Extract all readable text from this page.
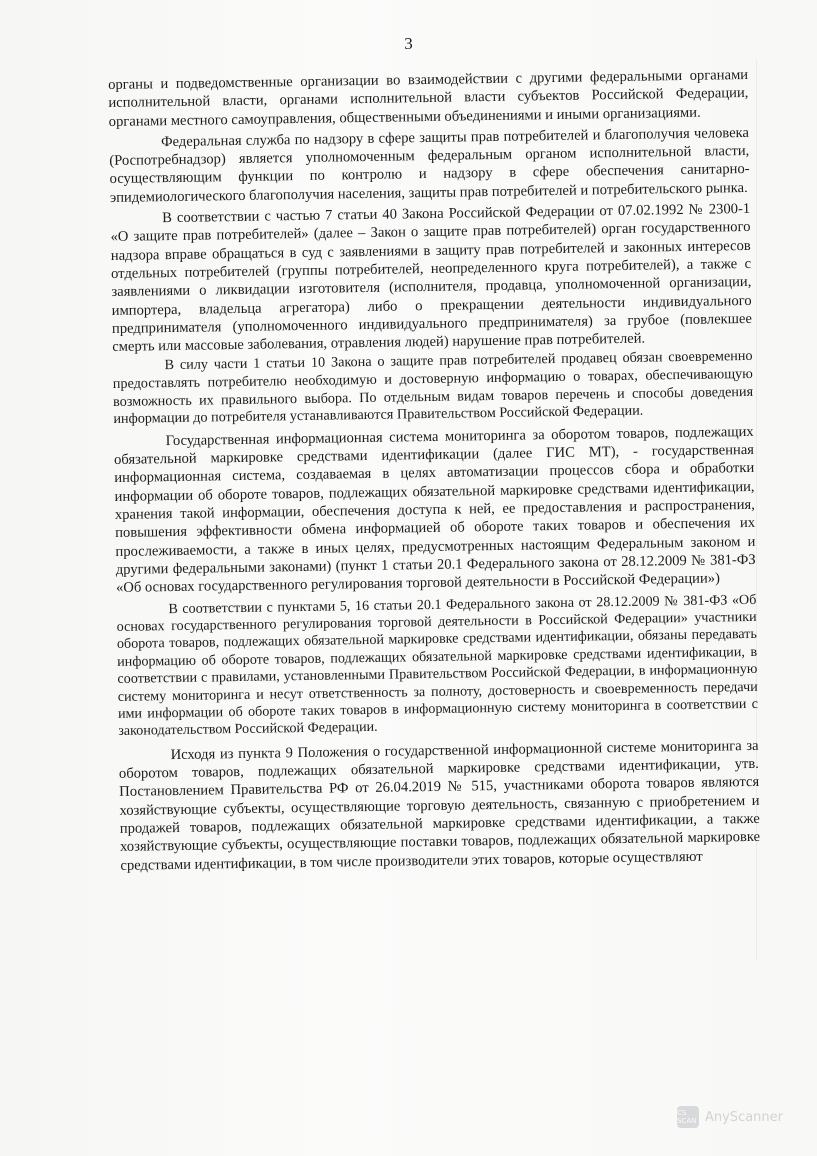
3

органы и подведомственные организации во взаимодействии с другими федеральными органами исполнительной власти, органами исполнительной власти субъектов Российской Федерации, органами местного самоуправления, общественными объединениями и иными организациями.

Федеральная служба по надзору в сфере защиты прав потребителей и благополучия человека (Роспотребнадзор) является уполномоченным федеральным органом исполнительной власти, осуществляющим функции по контролю и надзору в сфере обеспечения санитарно-эпидемиологического благополучия населения, защиты прав потребителей и потребительского рынка.

В соответствии с частью 7 статьи 40 Закона Российской Федерации от 07.02.1992 № 2300-1 «О защите прав потребителей» (далее – Закон о защите прав потребителей) орган государственного надзора вправе обращаться в суд с заявлениями в защиту прав потребителей и законных интересов отдельных потребителей (группы потребителей, неопределенного круга потребителей), а также с заявлениями о ликвидации изготовителя (исполнителя, продавца, уполномоченной организации, импортера, владельца агрегатора) либо о прекращении деятельности индивидуального предпринимателя (уполномоченного индивидуального предпринимателя) за грубое (повлекшее смерть или массовые заболевания, отравления людей) нарушение прав потребителей.

В силу части 1 статьи 10 Закона о защите прав потребителей продавец обязан своевременно предоставлять потребителю необходимую и достоверную информацию о товарах, обеспечивающую возможность их правильного выбора. По отдельным видам товаров перечень и способы доведения информации до потребителя устанавливаются Правительством Российской Федерации.

Государственная информационная система мониторинга за оборотом товаров, подлежащих обязательной маркировке средствами идентификации (далее ГИС МТ), - государственная информационная система, создаваемая в целях автоматизации процессов сбора и обработки информации об обороте товаров, подлежащих обязательной маркировке средствами идентификации, хранения такой информации, обеспечения доступа к ней, ее предоставления и распространения, повышения эффективности обмена информацией об обороте таких товаров и обеспечения их прослеживаемости, а также в иных целях, предусмотренных настоящим Федеральным законом и другими федеральными законами) (пункт 1 статьи 20.1 Федерального закона от 28.12.2009 № 381-ФЗ «Об основах государственного регулирования торговой деятельности в Российской Федерации»)

В соответствии с пунктами 5, 16 статьи 20.1 Федерального закона от 28.12.2009 № 381-ФЗ «Об основах государственного регулирования торговой деятельности в Российской Федерации» участники оборота товаров, подлежащих обязательной маркировке средствами идентификации, обязаны передавать информацию об обороте товаров, подлежащих обязательной маркировке средствами идентификации, в соответствии с правилами, установленными Правительством Российской Федерации, в информационную систему мониторинга и несут ответственность за полноту, достоверность и своевременность передачи ими информации об обороте таких товаров в информационную систему мониторинга в соответствии с законодательством Российской Федерации.

Исходя из пункта 9 Положения о государственной информационной системе мониторинга за оборотом товаров, подлежащих обязательной маркировке средствами идентификации, утв. Постановлением Правительства РФ от 26.04.2019 № 515, участниками оборота товаров являются хозяйствующие субъекты, осуществляющие торговую деятельность, связанную с приобретением и продажей товаров, подлежащих обязательной маркировке средствами идентификации, а также хозяйствующие субъекты, осуществляющие поставки товаров, подлежащих обязательной маркировке средствами идентификации, в том числе производители этих товаров, которые осуществляют

CS SCAN AnyScanner
